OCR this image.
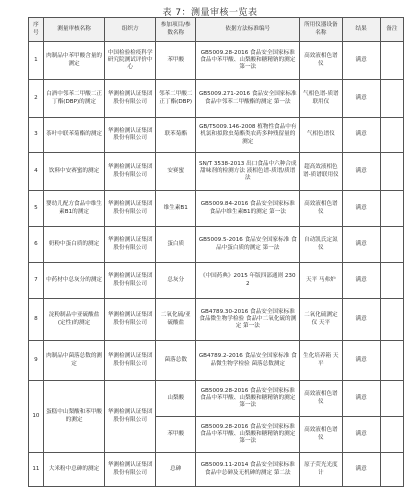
表 7：测量审核一览表
序号	测量审核名称	组织方	参加项目/参数名称	依据方法标准编号	所用仪器设备名称	结果	备注
1	肉制品中苯甲酸含量的测定	中国检验检疫科学研究院测试评价中心	苯甲酸	GB5009.28-2016 食品安全国家标准 食品中苯甲酸、山梨酸和糖精钠的测定 第一法	高效液相色谱仪	满意	
2	白酒中邻苯二甲酸二正丁酯(DBP)的测定	华测检测认证集团股份有限公司	邻苯二甲酸二正丁酯(DBP)	GB5009.271-2016 食品安全国家标准 食品中邻苯二甲酸酯的测定 第一法	气相色谱-质谱联用仪	满意	
3	茶叶中联苯菊酯的测定	华测检测认证集团股份有限公司	联苯菊酯	GB/T5009.146-2008 植物性食品中有机氯和拟除虫菊酯类农药多种残留量的测定	气相色谱仪	满意	
4	饮料中安赛蜜的测定	华测检测认证集团股份有限公司	安赛蜜	SN/T 3538-2013 出口食品中六种合成甜味剂的检测方法 液相色谱-质谱/质谱法	超高效液相色谱-质谱联用仪	满意	
5	婴幼儿配方食品中维生素B1的测定	华测检测认证集团股份有限公司	维生素B1	GB5009.84-2016 食品安全国家标准 食品中维生素B1的测定 第一法	高效液相色谱仪	满意	
6	奶粉中蛋白质的测定	华测检测认证集团股份有限公司	蛋白质	GB5009.5-2016 食品安全国家标准 食品中蛋白质的测定 第一法	自动凯氏定氮仪	满意	
7	中药材中总灰分的测定	华测检测认证集团股份有限公司	总灰分	《中国药典》2015 年版四部通则 2302	天平 马弗炉	满意	
8	淀粉制品中亚硫酸盐(定性)的测定	华测检测认证集团股份有限公司	二氧化硫/亚硫酸盐	GB4789.30-2016 食品安全国家标准 食品微生物学检验 食品中二氧化硫的测定 第一法	二氧化硫测定仪 天平	满意	
9	肉制品中菌落总数的测定	华测检测认证集团股份有限公司	菌落总数	GB4789.2-2016 食品安全国家标准 食品微生物学检验 菌落总数测定	生化培养箱 天平	满意	
10	蛋糕中山梨酸和苯甲酸的测定	华测检测认证集团股份有限公司	山梨酸	GB5009.28-2016 食品安全国家标准 食品中苯甲酸、山梨酸和糖精钠的测定 第一法	高效液相色谱仪	满意	
			苯甲酸	GB5009.28-2016 食品安全国家标准 食品中苯甲酸、山梨酸和糖精钠的测定 第一法	高效液相色谱仪	满意	
11	大米粉中总砷的测定	华测检测认证集团股份有限公司	总砷	GB5009.11-2014 食品安全国家标准 食品中总砷及无机砷的测定 第二法	原子荧光光度计	满意	
